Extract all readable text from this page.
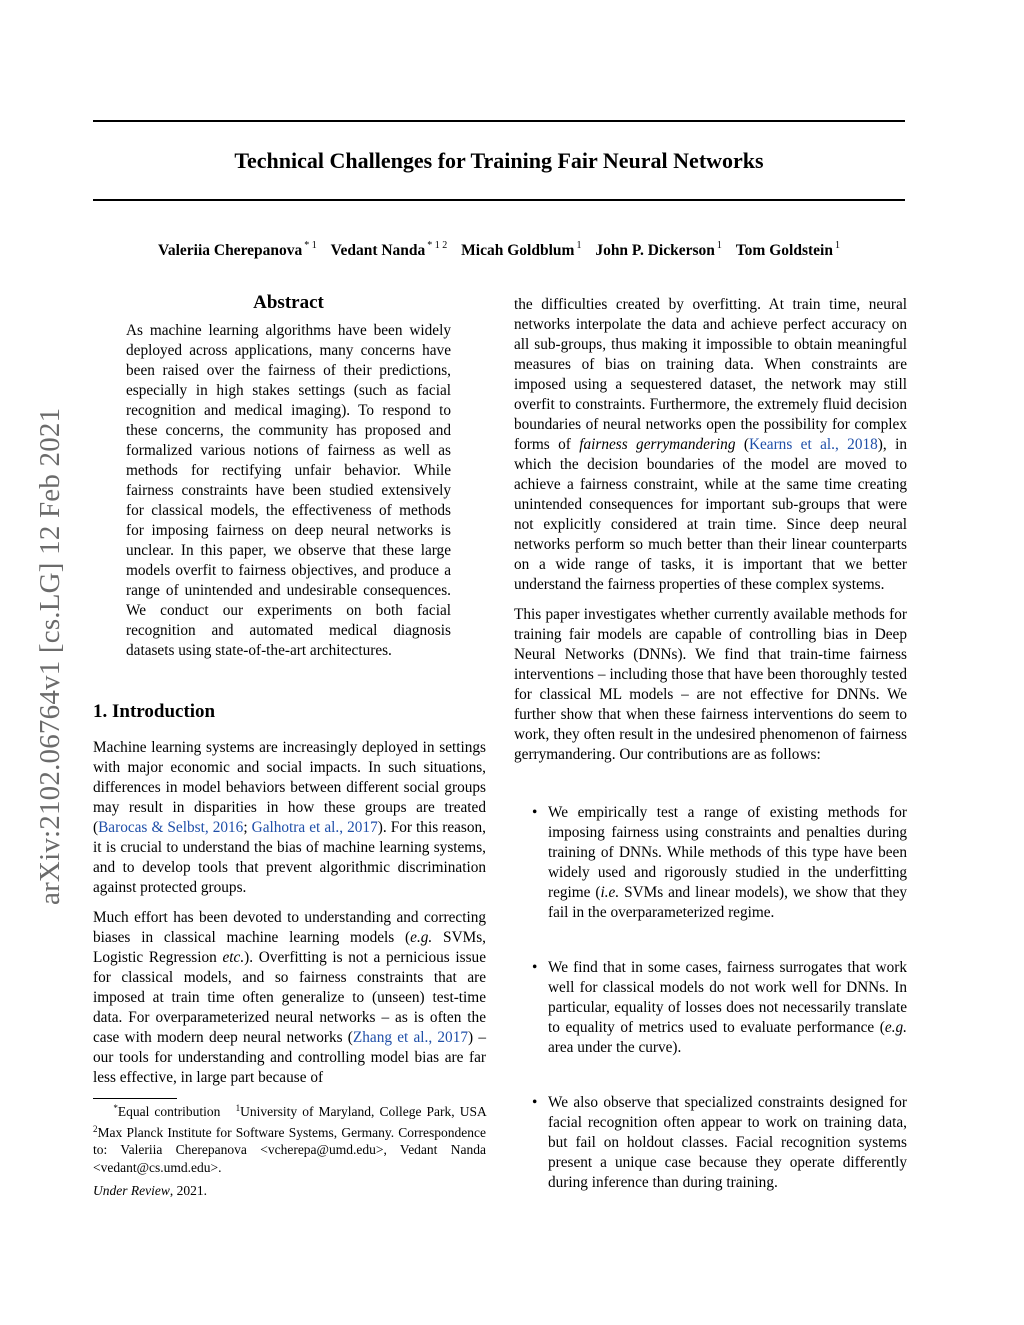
Technical Challenges for Training Fair Neural Networks
Valeriia Cherepanova $^{* 1}$ Vedant Nanda $^{* 1 2}$ Micah Goldblum $^1$ John P. Dickerson $^1$ Tom Goldstein $^1$
arXiv:2102.06764v1 [cs.LG] 12 Feb 2021
Abstract

As machine learning algorithms have been widely deployed across applications, many concerns have been raised over the fairness of their predictions, especially in high stakes settings (such as facial recognition and medical imaging). To respond to these concerns, the community has proposed and formalized various notions of fairness as well as methods for rectifying unfair behavior. While fairness constraints have been studied extensively for classical models, the effectiveness of methods for imposing fairness on deep neural networks is unclear. In this paper, we observe that these large models overfit to fairness objectives, and produce a range of unintended and undesirable consequences. We conduct our experiments on both facial recognition and automated medical diagnosis datasets using state-of-the-art architectures.

1. Introduction

Machine learning systems are increasingly deployed in settings with major economic and social impacts. In such situations, differences in model behaviors between different social groups may result in disparities in how these groups are treated (Barocas & Selbst, 2016; Galhotra et al., 2017). For this reason, it is crucial to understand the bias of machine learning systems, and to develop tools that prevent algorithmic discrimination against protected groups.

Much effort has been devoted to understanding and correcting biases in classical machine learning models (e.g. SVMs, Logistic Regression etc.). Overfitting is not a pernicious issue for classical models, and so fairness constraints that are imposed at train time often generalize to (unseen) test-time data. For overparameterized neural networks – as is often the case with modern deep neural networks (Zhang et al., 2017) – our tools for understanding and controlling model bias are far less effective, in large part because of

*Equal contribution $^1$University of Maryland, College Park, USA $^2$Max Planck Institute for Software Systems, Germany. Correspondence to: Valeriia Cherepanova <vcherepa@umd.edu>, Vedant Nanda <vedant@cs.umd.edu>.
Under Review, 2021.

the difficulties created by overfitting. At train time, neural networks interpolate the data and achieve perfect accuracy on all sub-groups, thus making it impossible to obtain meaningful measures of bias on training data. When constraints are imposed using a sequestered dataset, the network may still overfit to constraints. Furthermore, the extremely fluid decision boundaries of neural networks open the possibility for complex forms of fairness gerrymandering (Kearns et al., 2018), in which the decision boundaries of the model are moved to achieve a fairness constraint, while at the same time creating unintended consequences for important sub-groups that were not explicitly considered at train time. Since deep neural networks perform so much better than their linear counterparts on a wide range of tasks, it is important that we better understand the fairness properties of these complex systems.

This paper investigates whether currently available methods for training fair models are capable of controlling bias in Deep Neural Networks (DNNs). We find that train-time fairness interventions – including those that have been thoroughly tested for classical ML models – are not effective for DNNs. We further show that when these fairness interventions do seem to work, they often result in the undesired phenomenon of fairness gerrymandering. Our contributions are as follows:

• We empirically test a range of existing methods for imposing fairness using constraints and penalties during training of DNNs. While methods of this type have been widely used and rigorously studied in the underfitting regime (i.e. SVMs and linear models), we show that they fail in the overparameterized regime.
• We find that in some cases, fairness surrogates that work well for classical models do not work well for DNNs. In particular, equality of losses does not necessarily translate to equality of metrics used to evaluate performance (e.g. area under the curve).
• We also observe that specialized constraints designed for facial recognition often appear to work on training data, but fail on holdout classes. Facial recognition systems present a unique case because they operate differently during inference than during training.
